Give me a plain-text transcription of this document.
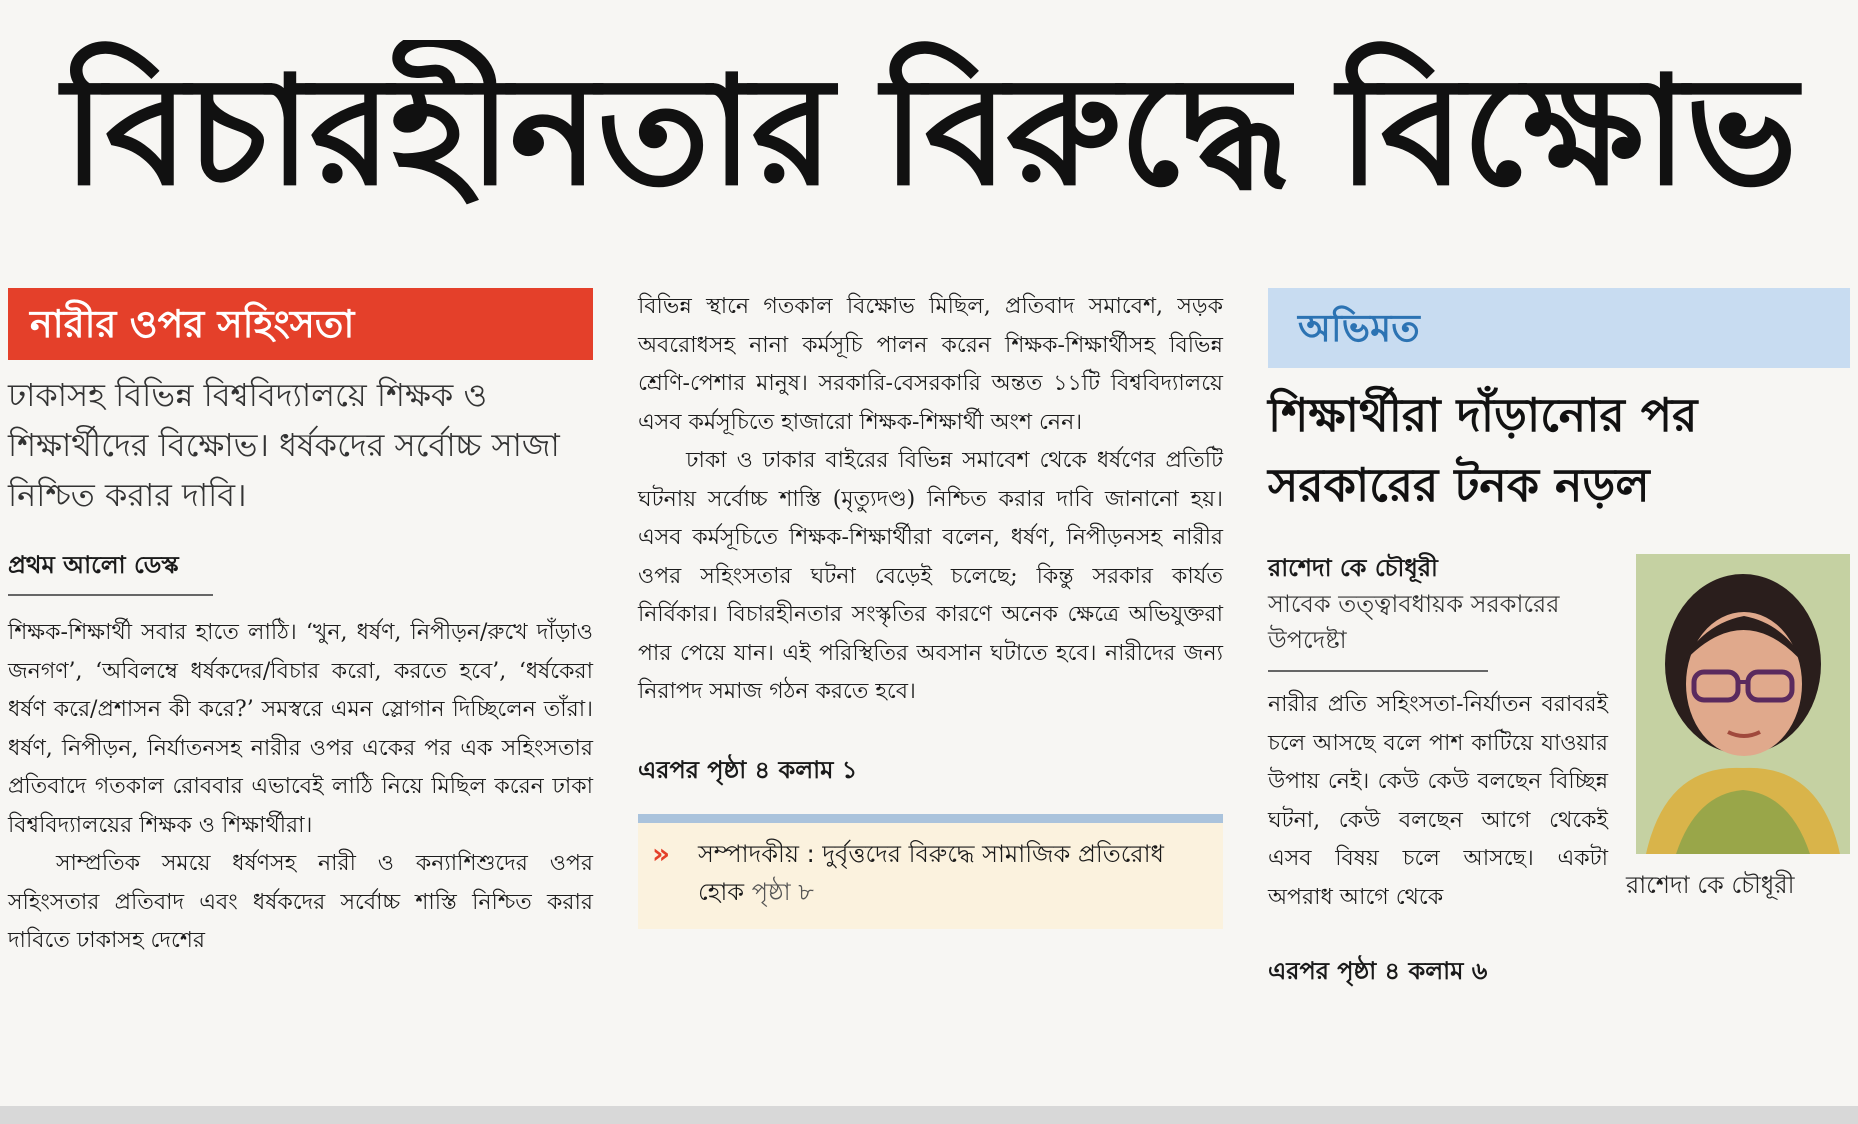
বিচারহীনতার বিরুদ্ধে বিক্ষোভ
নারীর ওপর সহিংসতা
ঢাকাসহ বিভিন্ন বিশ্ববিদ্যালয়ে শিক্ষক ও শিক্ষার্থীদের বিক্ষোভ। ধর্ষকদের সর্বোচ্চ সাজা নিশ্চিত করার দাবি।
প্রথম আলো ডেস্ক

শিক্ষক-শিক্ষার্থী সবার হাতে লাঠি। ‘খুন, ধর্ষণ, নিপীড়ন/রুখে দাঁড়াও জনগণ’, ‘অবিলম্বে ধর্ষকদের/বিচার করো, করতে হবে’, ‘ধর্ষকেরা ধর্ষণ করে/প্রশাসন কী করে?’ সমস্বরে এমন স্লোগান দিচ্ছিলেন তাঁরা। ধর্ষণ, নিপীড়ন, নির্যাতনসহ নারীর ওপর একের পর এক সহিংসতার প্রতিবাদে গতকাল রোববার এভাবেই লাঠি নিয়ে মিছিল করেন ঢাকা বিশ্ববিদ্যালয়ের শিক্ষক ও শিক্ষার্থীরা।

সাম্প্রতিক সময়ে ধর্ষণসহ নারী ও কন্যাশিশুদের ওপর সহিংসতার প্রতিবাদ এবং ধর্ষকদের সর্বোচ্চ শাস্তি নিশ্চিত করার দাবিতে ঢাকাসহ দেশের

বিভিন্ন স্থানে গতকাল বিক্ষোভ মিছিল, প্রতিবাদ সমাবেশ, সড়ক অবরোধসহ নানা কর্মসূচি পালন করেন শিক্ষক-শিক্ষার্থীসহ বিভিন্ন শ্রেণি-পেশার মানুষ। সরকারি-বেসরকারি অন্তত ১১টি বিশ্ববিদ্যালয়ে এসব কর্মসূচিতে হাজারো শিক্ষক-শিক্ষার্থী অংশ নেন।

ঢাকা ও ঢাকার বাইরের বিভিন্ন সমাবেশ থেকে ধর্ষণের প্রতিটি ঘটনায় সর্বোচ্চ শাস্তি (মৃত্যুদণ্ড) নিশ্চিত করার দাবি জানানো হয়। এসব কর্মসূচিতে শিক্ষক-শিক্ষার্থীরা বলেন, ধর্ষণ, নিপীড়নসহ নারীর ওপর সহিংসতার ঘটনা বেড়েই চলেছে; কিন্তু সরকার কার্যত নির্বিকার। বিচারহীনতার সংস্কৃতির কারণে অনেক ক্ষেত্রে অভিযুক্তরা পার পেয়ে যান। এই পরিস্থিতির অবসান ঘটাতে হবে। নারীদের জন্য নিরাপদ সমাজ গঠন করতে হবে।

এরপর পৃষ্ঠা ৪ কলাম ১
» সম্পাদকীয় : দুর্বৃত্তদের বিরুদ্ধে সামাজিক প্রতিরোধ হোক পৃষ্ঠা ৮
অভিমত
শিক্ষার্থীরা দাঁড়ানোর পর সরকারের টনক নড়ল
রাশেদা কে চৌধূরী
সাবেক তত্ত্বাবধায়ক সরকারের উপদেষ্টা

নারীর প্রতি সহিংসতা-নির্যাতন বরাবরই চলে আসছে বলে পাশ কাটিয়ে যাওয়ার উপায় নেই। কেউ কেউ বলছেন বিচ্ছিন্ন ঘটনা, কেউ বলছেন আগে থেকেই এসব বিষয় চলে আসছে। একটা অপরাধ আগে থেকে	রাশেদা কে চৌধূরী
এরপর পৃষ্ঠা ৪ কলাম ৬
